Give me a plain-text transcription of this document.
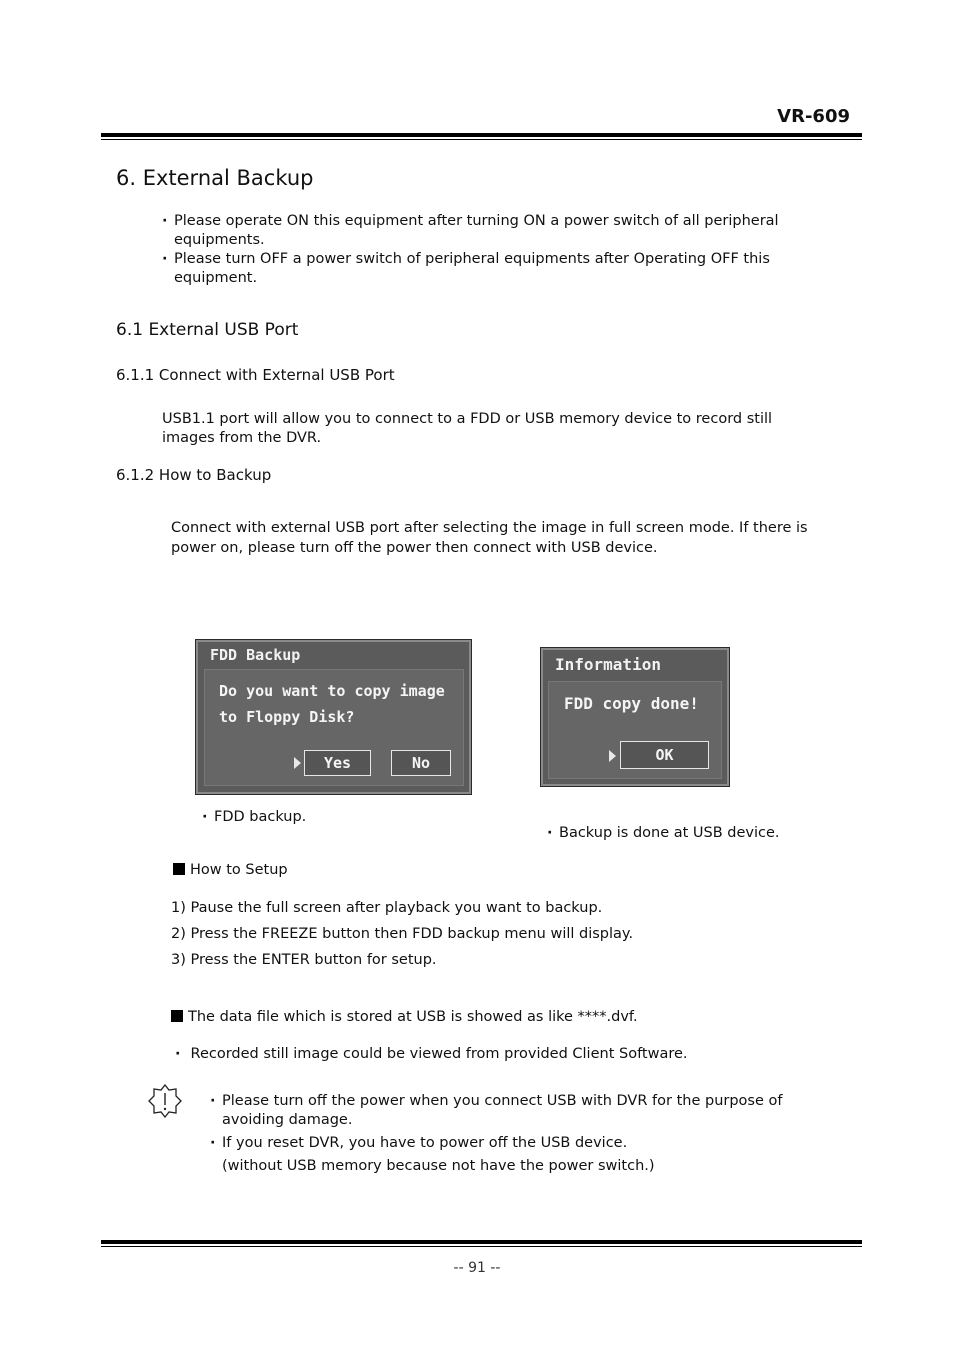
VR-609
6. External Backup
· Please operate ON this equipment after turning ON a power switch of all peripheral equipments.
· Please turn OFF a power switch of peripheral equipments after Operating OFF this equipment.
6.1 External USB Port
6.1.1 Connect with External USB Port
USB1.1 port will allow you to connect to a FDD or USB memory device to record still images from the DVR.
6.1.2 How to Backup
Connect with external USB port after selecting the image in full screen mode. If there is power on, please turn off the power then connect with USB device.
FDD Backup
Do you want to copy image
to Floppy Disk?
Yes	No
Information
FDD copy done!
OK
· FDD backup.
· Backup is done at USB device.
How to Setup
1) Pause the full screen after playback you want to backup.
2) Press the FREEZE button then FDD backup menu will display.
3) Press the ENTER button for setup.
The data file which is stored at USB is showed as like ****.dvf.
· Recorded still image could be viewed from provided Client Software.
· Please turn off the power when you connect USB with DVR for the purpose of avoiding damage.
· If you reset DVR, you have to power off the USB device.
(without USB memory because not have the power switch.)
-- 91 --
